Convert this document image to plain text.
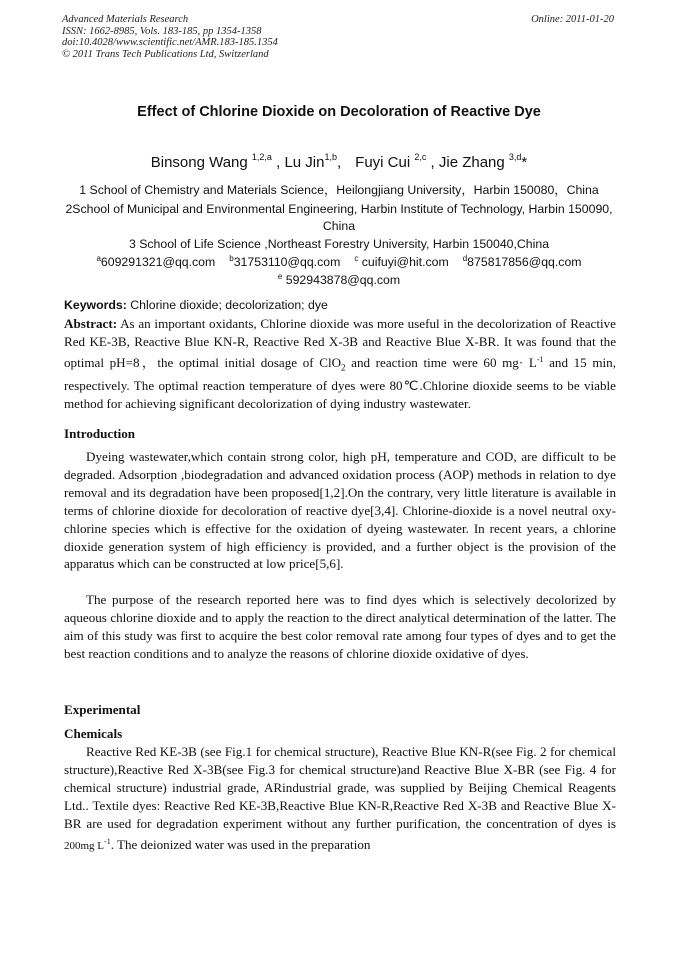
Advanced Materials Research
ISSN: 1662-8985, Vols. 183-185, pp 1354-1358
doi:10.4028/www.scientific.net/AMR.183-185.1354
© 2011 Trans Tech Publications Ltd, Switzerland
Online: 2011-01-20
Effect of Chlorine Dioxide on Decoloration of Reactive Dye
Binsong Wang $^{1,2,a}$ , Lu Jin$^{1,b}$, Fuyi Cui $^{2,c}$ , Jie Zhang $^{3,d}$*
1 School of Chemistry and Materials Science，Heilongjiang University，Harbin 150080，China
2School of Municipal and Environmental Engineering, Harbin Institute of Technology, Harbin 150090, China
3 School of Life Science ,Northeast Forestry University, Harbin 150040,China
$^a$609291321@qq.com $^b$31753110@qq.com $^c$ cuifuyi@hit.com $^d$875817856@qq.com
$^e$ 592943878@qq.com
Keywords: Chlorine dioxide; decolorization; dye
Abstract: As an important oxidants, Chlorine dioxide was more useful in the decolorization of Reactive Red KE-3B, Reactive Blue KN-R, Reactive Red X-3B and Reactive Blue X-BR. It was found that the optimal pH=8，the optimal initial dosage of ClO$_2$ and reaction time were 60 $mg\cdot L^{-1}$ and 15 min, respectively. The optimal reaction temperature of dyes were 80℃.Chlorine dioxide seems to be viable method for achieving significant decolorization of dying industry wastewater.
Introduction
Dyeing wastewater,which contain strong color, high pH, temperature and COD, are difficult to be degraded. Adsorption ,biodegradation and advanced oxidation process (AOP) methods in relation to dye removal and its degradation have been proposed[1,2].On the contrary, very little literature is available in terms of chlorine dioxide for decoloration of reactive dye[3,4]. Chlorine-dioxide is a novel neutral oxy-chlorine species which is effective for the oxidation of dyeing wastewater. In recent years, a chlorine dioxide generation system of high efficiency is provided, and a further object is the provision of the apparatus which can be constructed at low price[5,6].
The purpose of the research reported here was to find dyes which is selectively decolorized by aqueous chlorine dioxide and to apply the reaction to the direct analytical determination of the latter. The aim of this study was first to acquire the best color removal rate among four types of dyes and to get the best reaction conditions and to analyze the reasons of chlorine dioxide oxidative of dyes.
Experimental
Chemicals
Reactive Red KE-3B (see Fig.1 for chemical structure), Reactive Blue KN-R(see Fig. 2 for chemical structure),Reactive Red X-3B(see Fig.3 for chemical structure)and Reactive Blue X-BR (see Fig. 4 for chemical structure) industrial grade, ARindustrial grade, was supplied by Beijing Chemical Reagents Ltd.. Textile dyes: Reactive Red KE-3B,Reactive Blue KN-R,Reactive Red X-3B and Reactive Blue X-BR are used for degradation experiment without any further purification, the concentration of dyes is 200mg $L^{-1}$. The deionized water was used in the preparation
